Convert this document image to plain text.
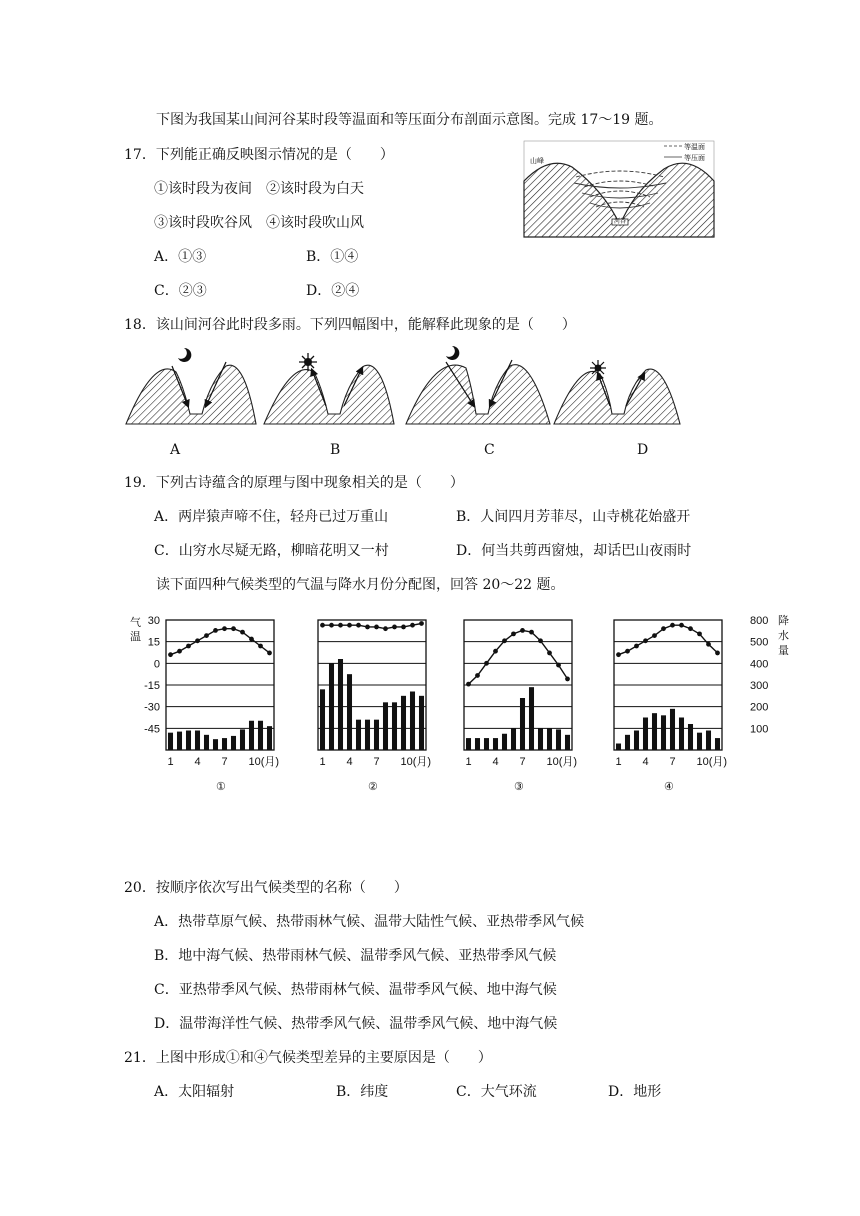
下图为我国某山间河谷某时段等温面和等压面分布剖面示意图。完成 17～19 题。
17．下列能正确反映图示情况的是（　　）
①该时段为夜间　②该时段为白天
③该时段吹谷风　④该时段吹山风
A．①③	B．①④
C．②③	D．②④
等温面
等压面
山峰
河谷
18．该山间河谷此时段多雨。下列四幅图中，能解释此现象的是（　　）
A	B	C	D
19．下列古诗蕴含的原理与图中现象相关的是（　　）
A．两岸猿声啼不住，轻舟已过万重山	B．人间四月芳菲尽，山寺桃花始盛开
C．山穷水尽疑无路，柳暗花明又一村	D．何当共剪西窗烛，却话巴山夜雨时
读下面四种气候类型的气温与降水月份分配图，回答 20～22 题。
气
温
30
15
0
-15
-30
-45
800
500
400
300
200
100
降
水
量
1 4 7 10(月)
①
1 4 7 10(月)
②
1 4 7 10(月)
③
1 4 7 10(月)
④
20．按顺序依次写出气候类型的名称（　　）
A．热带草原气候、热带雨林气候、温带大陆性气候、亚热带季风气候
B．地中海气候、热带雨林气候、温带季风气候、亚热带季风气候
C．亚热带季风气候、热带雨林气候、温带季风气候、地中海气候
D．温带海洋性气候、热带季风气候、温带季风气候、地中海气候
21．上图中形成①和④气候类型差异的主要原因是（　　）
A．太阳辐射	B．纬度	C．大气环流	D．地形
